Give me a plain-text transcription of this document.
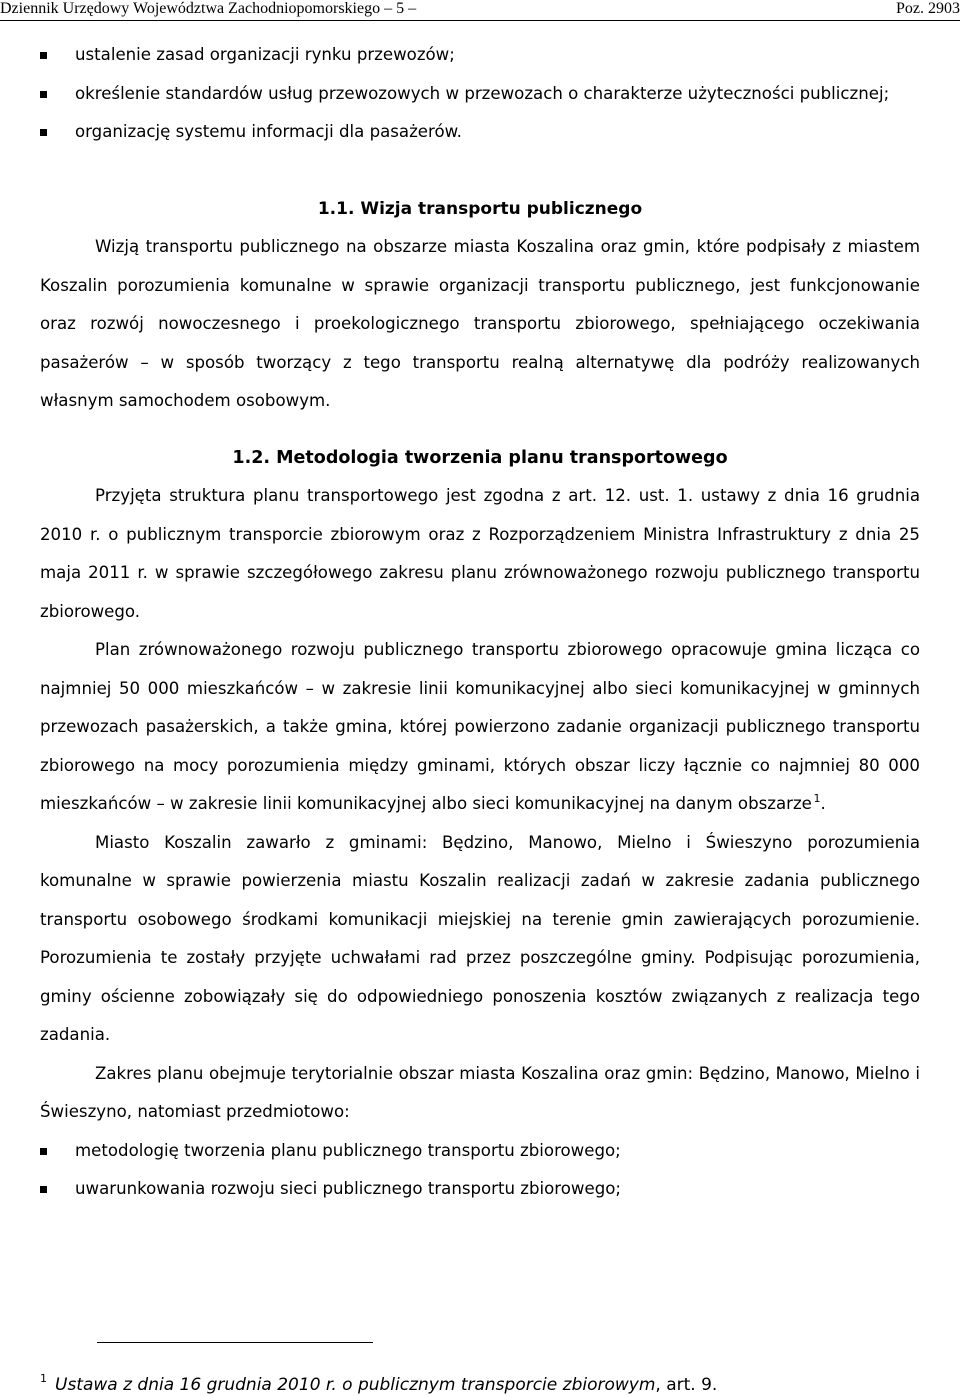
Dziennik Urzędowy Województwa Zachodniopomorskiego – 5 –	Poz. 2903
ustalenie zasad organizacji rynku przewozów;
określenie standardów usług przewozowych w przewozach o charakterze użyteczności publicznej;
organizację systemu informacji dla pasażerów.
1.1. Wizja transportu publicznego

Wizją transportu publicznego na obszarze miasta Koszalina oraz gmin, które podpisały z miastem Koszalin porozumienia komunalne w sprawie organizacji transportu publicznego, jest funkcjonowanie oraz rozwój nowoczesnego i proekologicznego transportu zbiorowego, spełniającego oczekiwania pasażerów – w sposób tworzący z tego transportu realną alternatywę dla podróży realizowanych własnym samochodem osobowym.

1.2. Metodologia tworzenia planu transportowego

Przyjęta struktura planu transportowego jest zgodna z art. 12. ust. 1. ustawy z dnia 16 grudnia 2010 r. o publicznym transporcie zbiorowym oraz z Rozporządzeniem Ministra Infrastruktury z dnia 25 maja 2011 r. w sprawie szczegółowego zakresu planu zrównoważonego rozwoju publicznego transportu zbiorowego.

Plan zrównoważonego rozwoju publicznego transportu zbiorowego opracowuje gmina licząca co najmniej 50 000 mieszkańców – w zakresie linii komunikacyjnej albo sieci komunikacyjnej w gminnych przewozach pasażerskich, a także gmina, której powierzono zadanie organizacji publicznego transportu zbiorowego na mocy porozumienia między gminami, których obszar liczy łącznie co najmniej 80 000 mieszkańców – w zakresie linii komunikacyjnej albo sieci komunikacyjnej na danym obszarze  $^1$.

Miasto Koszalin zawarło z gminami: Będzino, Manowo, Mielno i Świeszyno porozumienia komunalne w sprawie powierzenia miastu Koszalin realizacji zadań w zakresie zadania publicznego transportu osobowego środkami komunikacji miejskiej na terenie gmin zawierających porozumienie. Porozumienia te zostały przyjęte uchwałami rad przez poszczególne gminy. Podpisując porozumienia, gminy ościenne zobowiązały się do odpowiedniego ponoszenia kosztów związanych z realizacja tego zadania.

Zakres planu obejmuje terytorialnie obszar miasta Koszalina oraz gmin: Będzino, Manowo, Mielno i Świeszyno, natomiast przedmiotowo:

metodologię tworzenia planu publicznego transportu zbiorowego;
uwarunkowania rozwoju sieci publicznego transportu zbiorowego;
$^1$ Ustawa z dnia 16 grudnia 2010 r. o publicznym transporcie zbiorowym, art. 9.
